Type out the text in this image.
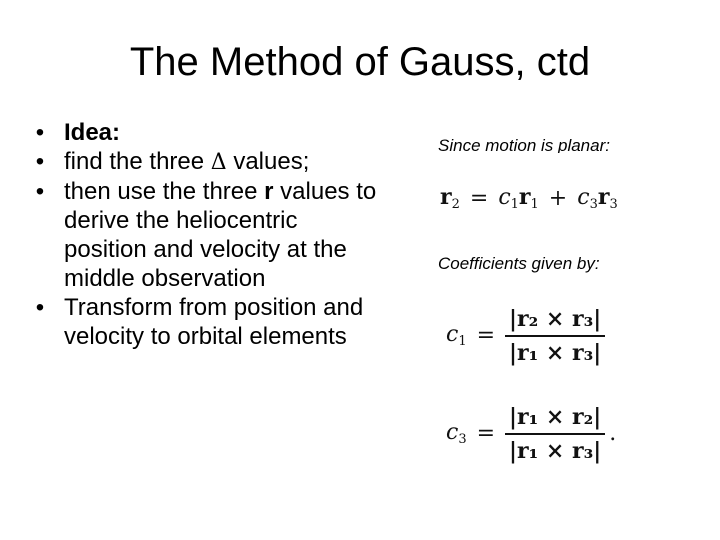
The Method of Gauss, ctd
• Idea:
• find the three Δ values;
• then use the three r values to derive the heliocentric position and velocity at the middle observation
• Transform from position and velocity to orbital elements
Since motion is planar:
$r_2 = c_1r_1 + c_3r_3$
Coefficients given by:
$c_1 = \frac{\text{|r₂ × r₃|}}{\text{|r₁ × r₃|}}$
$c_3 = \frac{\text{|r₁ × r₂|}}{\text{|r₁ × r₃|}}$ .
